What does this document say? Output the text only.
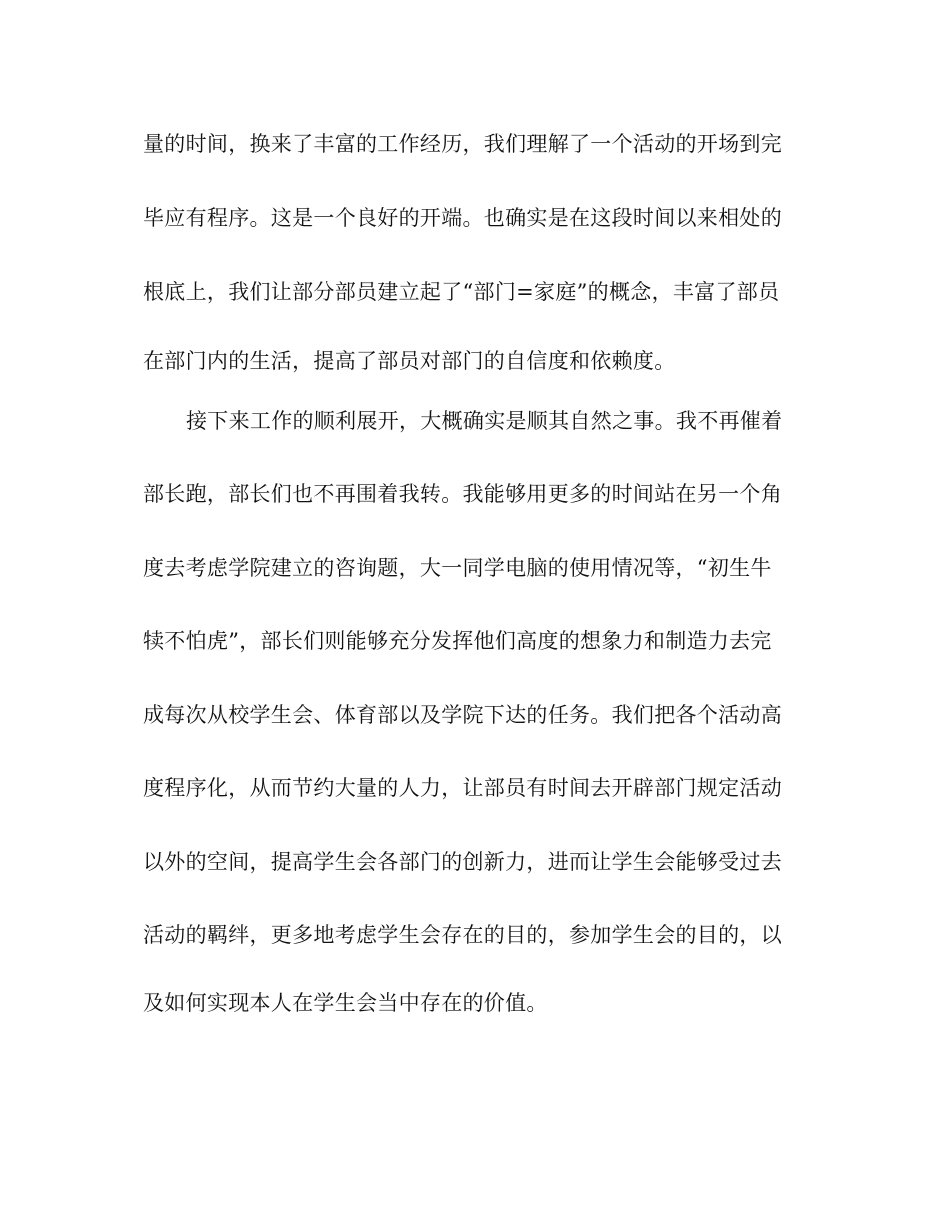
量的时间，换来了丰富的工作经历，我们理解了一个活动的开场到完
毕应有程序。这是一个良好的开端。也确实是在这段时间以来相处的
根底上，我们让部分部员建立起了“部门=家庭”的概念，丰富了部员
在部门内的生活，提高了部员对部门的自信度和依赖度。
接下来工作的顺利展开，大概确实是顺其自然之事。我不再催着
部长跑，部长们也不再围着我转。我能够用更多的时间站在另一个角
度去考虑学院建立的咨询题，大一同学电脑的使用情况等，“初生牛
犊不怕虎”，部长们则能够充分发挥他们高度的想象力和制造力去完
成每次从校学生会、体育部以及学院下达的任务。我们把各个活动高
度程序化，从而节约大量的人力，让部员有时间去开辟部门规定活动
以外的空间，提高学生会各部门的创新力，进而让学生会能够受过去
活动的羁绊，更多地考虑学生会存在的目的，参加学生会的目的，以
及如何实现本人在学生会当中存在的价值。
